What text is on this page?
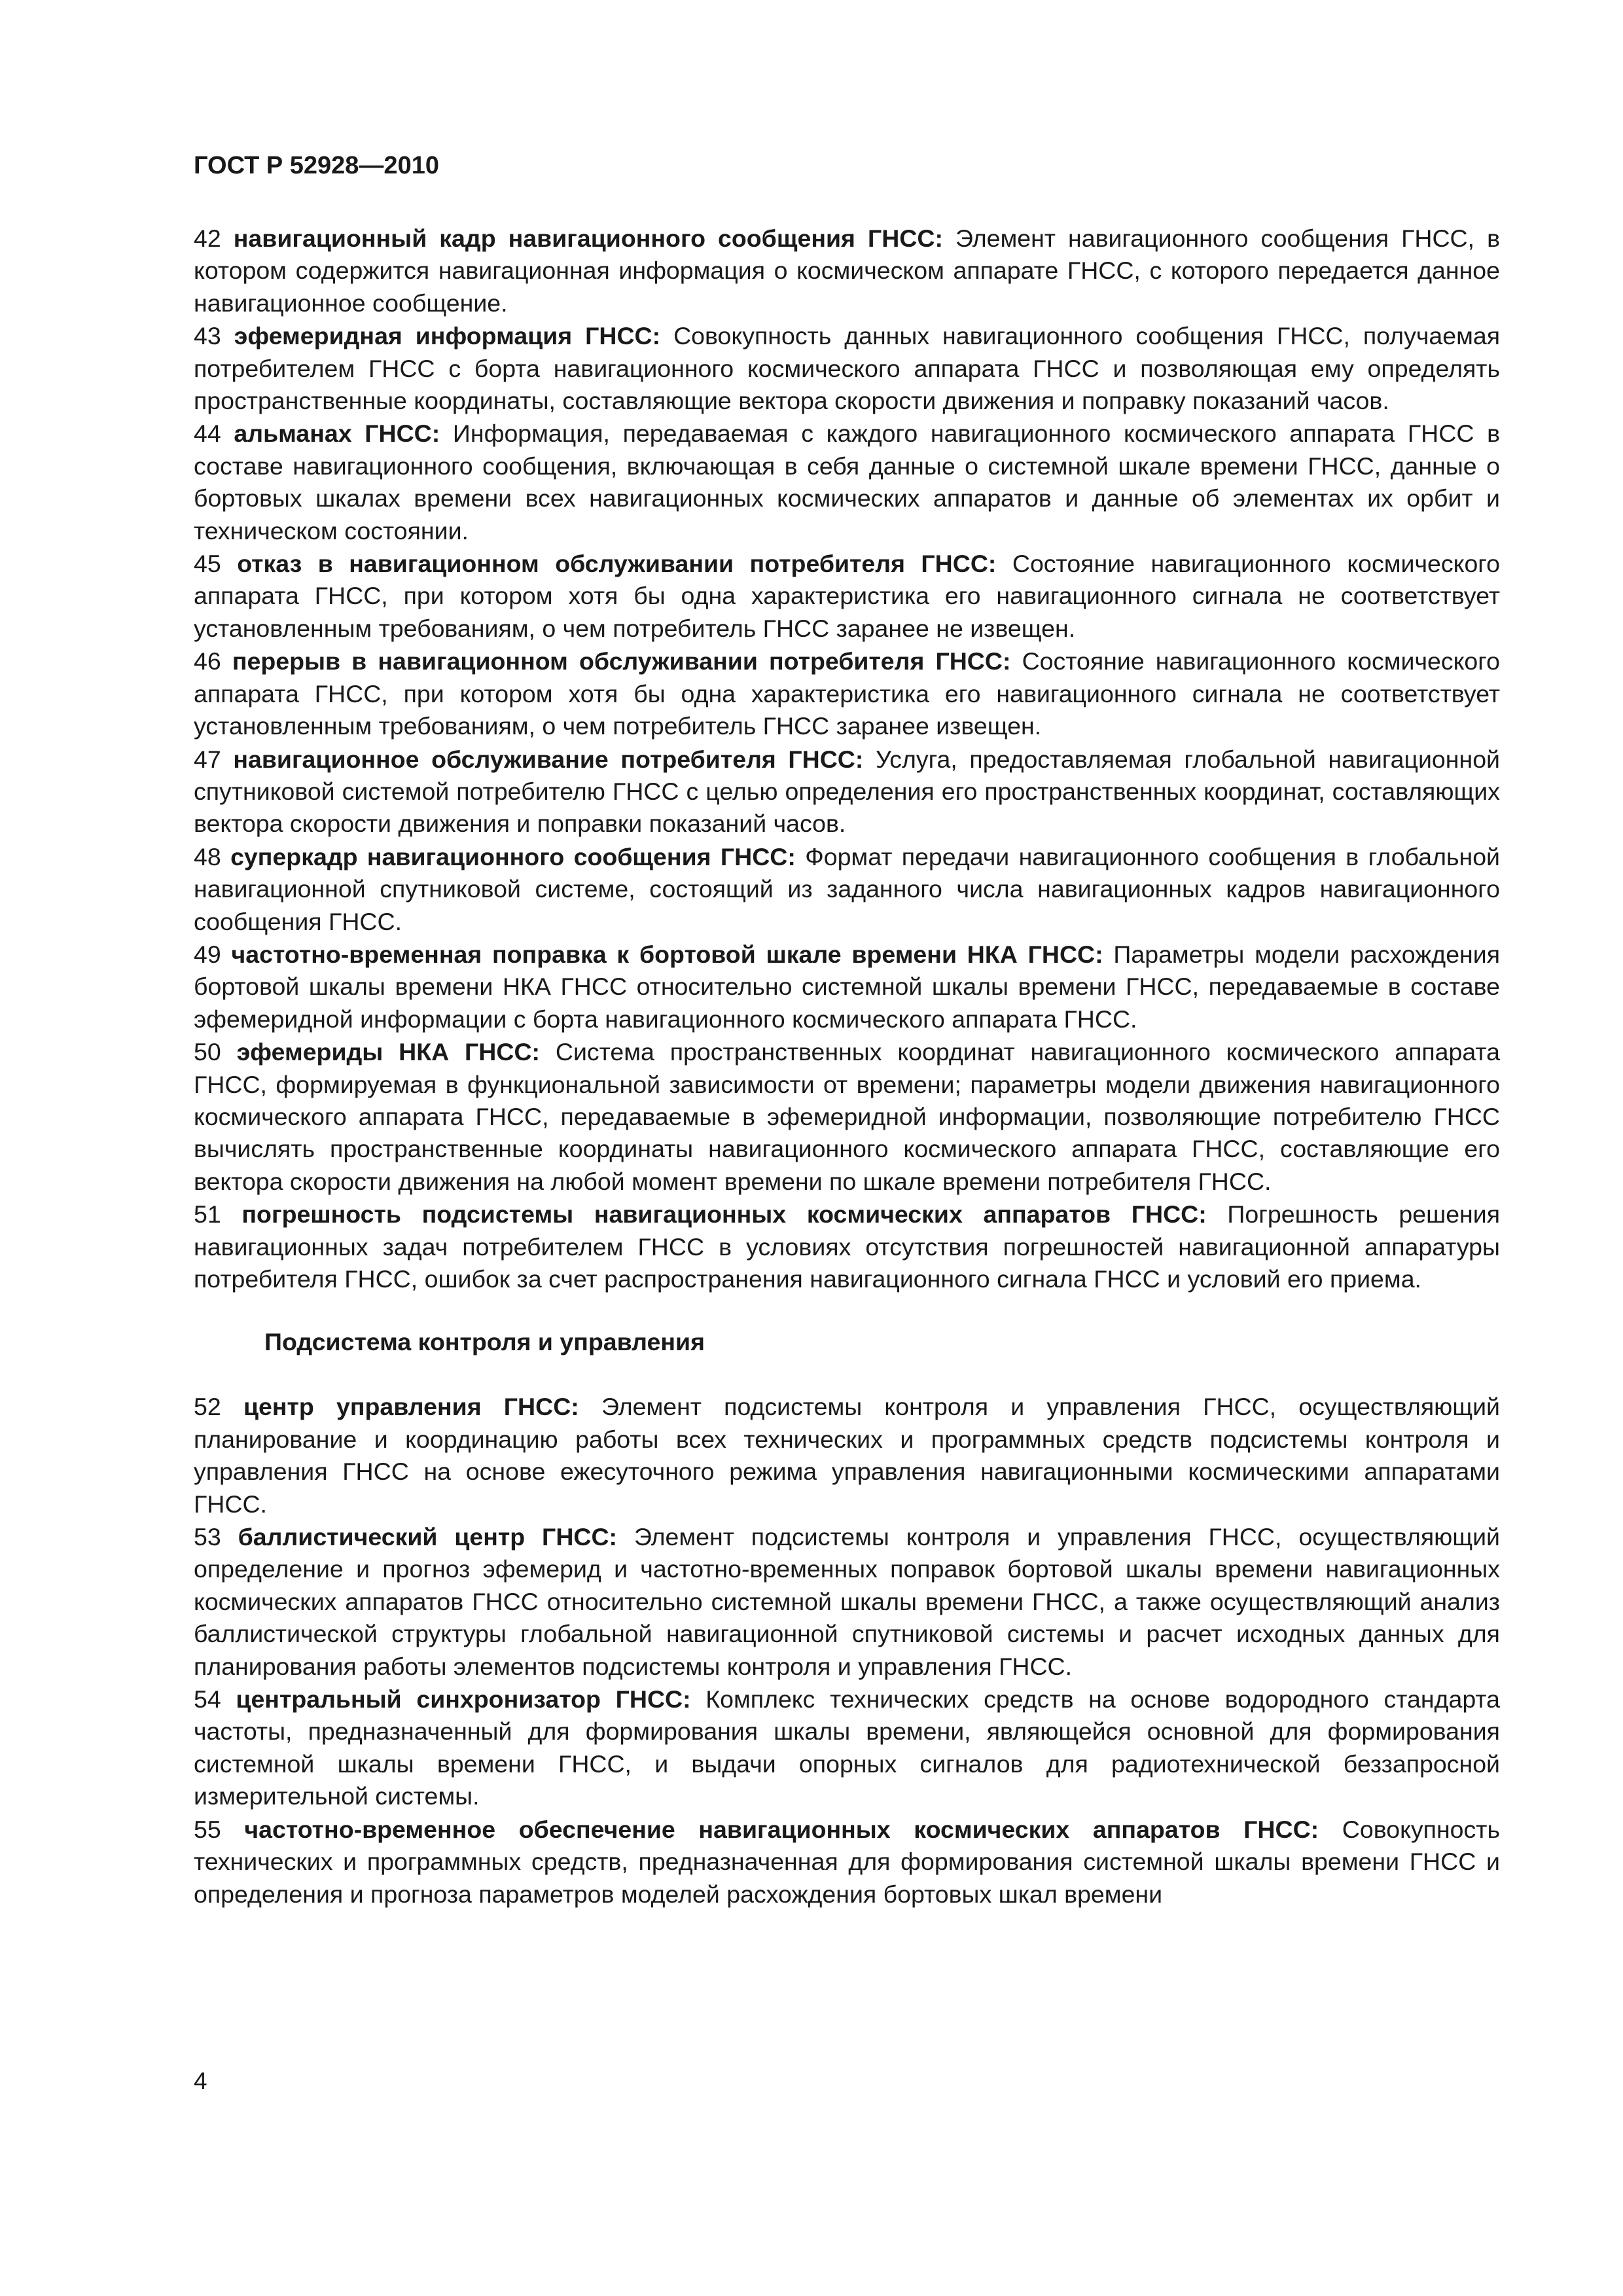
ГОСТ Р 52928—2010

42 навигационный кадр навигационного сообщения ГНСС: Элемент навигационного сообщения ГНСС, в котором содержится навигационная информация о космическом аппарате ГНСС, с которого передается данное навигационное сообщение.

43 эфемеридная информация ГНСС: Совокупность данных навигационного сообщения ГНСС, получаемая потребителем ГНСС с борта навигационного космического аппарата ГНСС и позволяющая ему определять пространственные координаты, составляющие вектора скорости движения и поправку показаний часов.

44 альманах ГНСС: Информация, передаваемая с каждого навигационного космического аппарата ГНСС в составе навигационного сообщения, включающая в себя данные о системной шкале времени ГНСС, данные о бортовых шкалах времени всех навигационных космических аппаратов и данные об элементах их орбит и техническом состоянии.

45 отказ в навигационном обслуживании потребителя ГНСС: Состояние навигационного космического аппарата ГНСС, при котором хотя бы одна характеристика его навигационного сигнала не соответствует установленным требованиям, о чем потребитель ГНСС заранее не извещен.

46 перерыв в навигационном обслуживании потребителя ГНСС: Состояние навигационного космического аппарата ГНСС, при котором хотя бы одна характеристика его навигационного сигнала не соответствует установленным требованиям, о чем потребитель ГНСС заранее извещен.

47 навигационное обслуживание потребителя ГНСС: Услуга, предоставляемая глобальной навигационной спутниковой системой потребителю ГНСС с целью определения его пространственных координат, составляющих вектора скорости движения и поправки показаний часов.

48 суперкадр навигационного сообщения ГНСС: Формат передачи навигационного сообщения в глобальной навигационной спутниковой системе, состоящий из заданного числа навигационных кадров навигационного сообщения ГНСС.

49 частотно-временная поправка к бортовой шкале времени НКА ГНСС: Параметры модели расхождения бортовой шкалы времени НКА ГНСС относительно системной шкалы времени ГНСС, передаваемые в составе эфемеридной информации с борта навигационного космического аппарата ГНСС.

50 эфемериды НКА ГНСС: Система пространственных координат навигационного космического аппарата ГНСС, формируемая в функциональной зависимости от времени; параметры модели движения навигационного космического аппарата ГНСС, передаваемые в эфемеридной информации, позволяющие потребителю ГНСС вычислять пространственные координаты навигационного космического аппарата ГНСС, составляющие его вектора скорости движения на любой момент времени по шкале времени потребителя ГНСС.

51 погрешность подсистемы навигационных космических аппаратов ГНСС: Погрешность решения навигационных задач потребителем ГНСС в условиях отсутствия погрешностей навигационной аппаратуры потребителя ГНСС, ошибок за счет распространения навигационного сигнала ГНСС и условий его приема.

Подсистема контроля и управления

52 центр управления ГНСС: Элемент подсистемы контроля и управления ГНСС, осуществляющий планирование и координацию работы всех технических и программных средств подсистемы контроля и управления ГНСС на основе ежесуточного режима управления навигационными космическими аппаратами ГНСС.

53 баллистический центр ГНСС: Элемент подсистемы контроля и управления ГНСС, осуществляющий определение и прогноз эфемерид и частотно-временных поправок бортовой шкалы времени навигационных космических аппаратов ГНСС относительно системной шкалы времени ГНСС, а также осуществляющий анализ баллистической структуры глобальной навигационной спутниковой системы и расчет исходных данных для планирования работы элементов подсистемы контроля и управления ГНСС.

54 центральный синхронизатор ГНСС: Комплекс технических средств на основе водородного стандарта частоты, предназначенный для формирования шкалы времени, являющейся основной для формирования системной шкалы времени ГНСС, и выдачи опорных сигналов для радиотехнической беззапросной измерительной системы.

55 частотно-временное обеспечение навигационных космических аппаратов ГНСС: Совокупность технических и программных средств, предназначенная для формирования системной шкалы времени ГНСС и определения и прогноза параметров моделей расхождения бортовых шкал времени

4
